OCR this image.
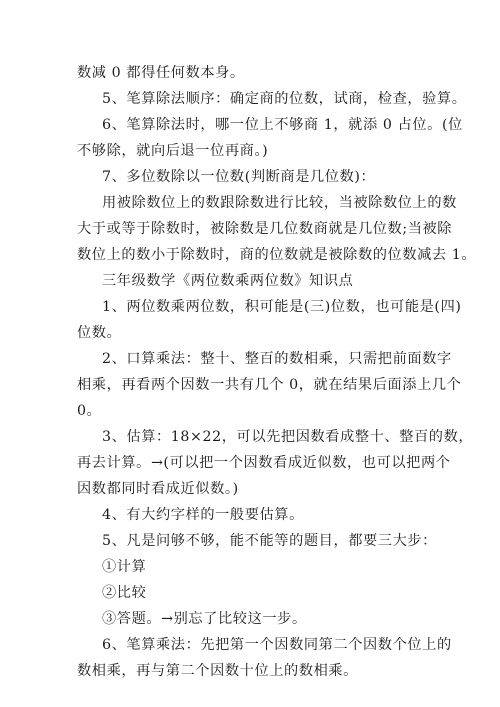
数减 0 都得任何数本身。
5、笔算除法顺序：确定商的位数，试商，检查，验算。
6、笔算除法时，哪一位上不够商 1，就添 0 占位。(位
不够除，就向后退一位再商。)
7、多位数除以一位数(判断商是几位数)：
用被除数位上的数跟除数进行比较，当被除数位上的数
大于或等于除数时，被除数是几位数商就是几位数;当被除
数位上的数小于除数时，商的位数就是被除数的位数减去 1。
三年级数学《两位数乘两位数》知识点
1、两位数乘两位数，积可能是(三)位数，也可能是(四)
位数。
2、口算乘法：整十、整百的数相乘，只需把前面数字
相乘，再看两个因数一共有几个 0，就在结果后面添上几个
0。
3、估算：18×22，可以先把因数看成整十、整百的数，
再去计算。→(可以把一个因数看成近似数，也可以把两个
因数都同时看成近似数。)
4、有大约字样的一般要估算。
5、凡是问够不够，能不能等的题目，都要三大步：
①计算
②比较
③答题。→别忘了比较这一步。
6、笔算乘法：先把第一个因数同第二个因数个位上的
数相乘，再与第二个因数十位上的数相乘。
